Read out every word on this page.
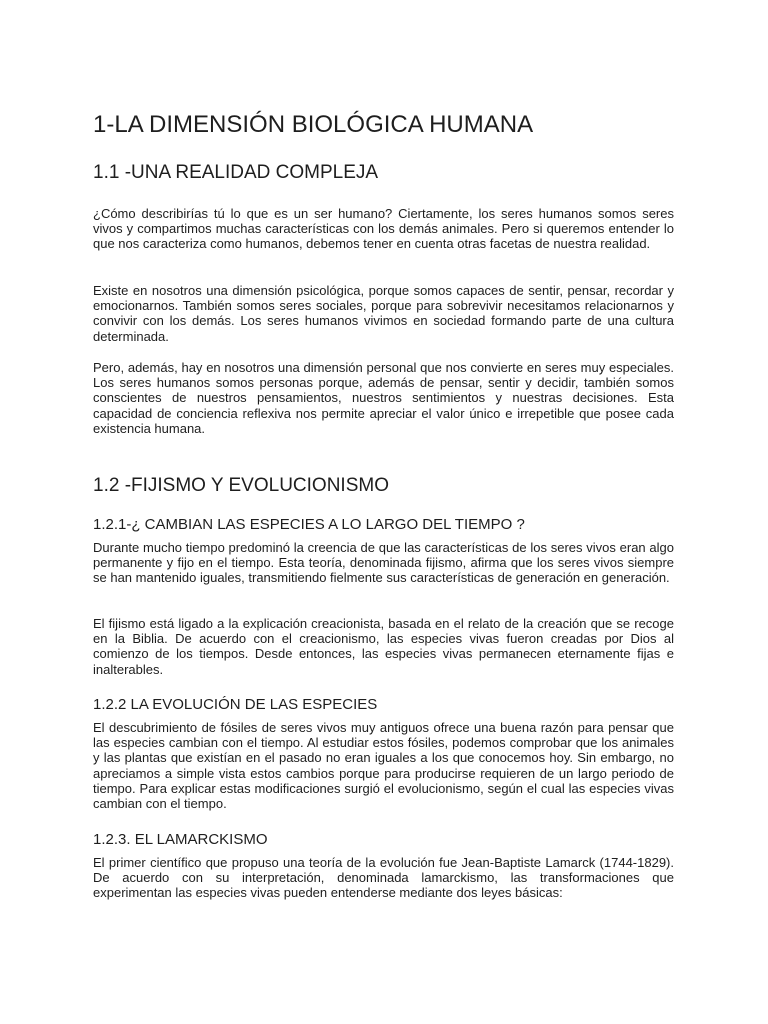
1-LA DIMENSIÓN BIOLÓGICA HUMANA
1.1 -UNA REALIDAD COMPLEJA

¿Cómo describirías tú lo que es un ser humano? Ciertamente, los seres humanos somos seres vivos y compartimos muchas características con los demás animales. Pero si queremos entender lo que nos caracteriza como humanos, debemos tener en cuenta otras facetas de nuestra realidad.

Existe en nosotros una dimensión psicológica, porque somos capaces de sentir, pensar, recordar y emocionarnos. También somos seres sociales, porque para sobrevivir necesitamos relacionarnos y convivir con los demás. Los seres humanos vivimos en sociedad formando parte de una cultura determinada.

Pero, además, hay en nosotros una dimensión personal que nos convierte en seres muy especiales. Los seres humanos somos personas porque, además de pensar, sentir y decidir, también somos conscientes de nuestros pensamientos, nuestros sentimientos y nuestras decisiones. Esta capacidad de conciencia reflexiva nos permite apreciar el valor único e irrepetible que posee cada existencia humana.

1.2 -FIJISMO Y EVOLUCIONISMO
1.2.1-¿ CAMBIAN LAS ESPECIES A LO LARGO DEL TIEMPO ?

Durante mucho tiempo predominó la creencia de que las características de los seres vivos eran algo permanente y fijo en el tiempo. Esta teoría, denominada fijismo, afirma que los seres vivos siempre se han mantenido iguales, transmitiendo fielmente sus características de generación en generación.

El fijismo está ligado a la explicación creacionista, basada en el relato de la creación que se recoge en la Biblia. De acuerdo con el creacionismo, las especies vivas fueron creadas por Dios al comienzo de los tiempos. Desde entonces, las especies vivas permanecen eternamente fijas e inalterables.

1.2.2 LA EVOLUCIÓN DE LAS ESPECIES

El descubrimiento de fósiles de seres vivos muy antiguos ofrece una buena razón para pensar que las especies cambian con el tiempo. Al estudiar estos fósiles, podemos comprobar que los animales y las plantas que existían en el pasado no eran iguales a los que conocemos hoy. Sin embargo, no apreciamos a simple vista estos cambios porque para producirse requieren de un largo periodo de tiempo. Para explicar estas modificaciones surgió el evolucionismo, según el cual las especies vivas cambian con el tiempo.

1.2.3. EL LAMARCKISMO

El primer científico que propuso una teoría de la evolución fue Jean-Baptiste Lamarck (1744-1829). De acuerdo con su interpretación, denominada lamarckismo, las transformaciones que experimentan las especies vivas pueden entenderse mediante dos leyes básicas:
